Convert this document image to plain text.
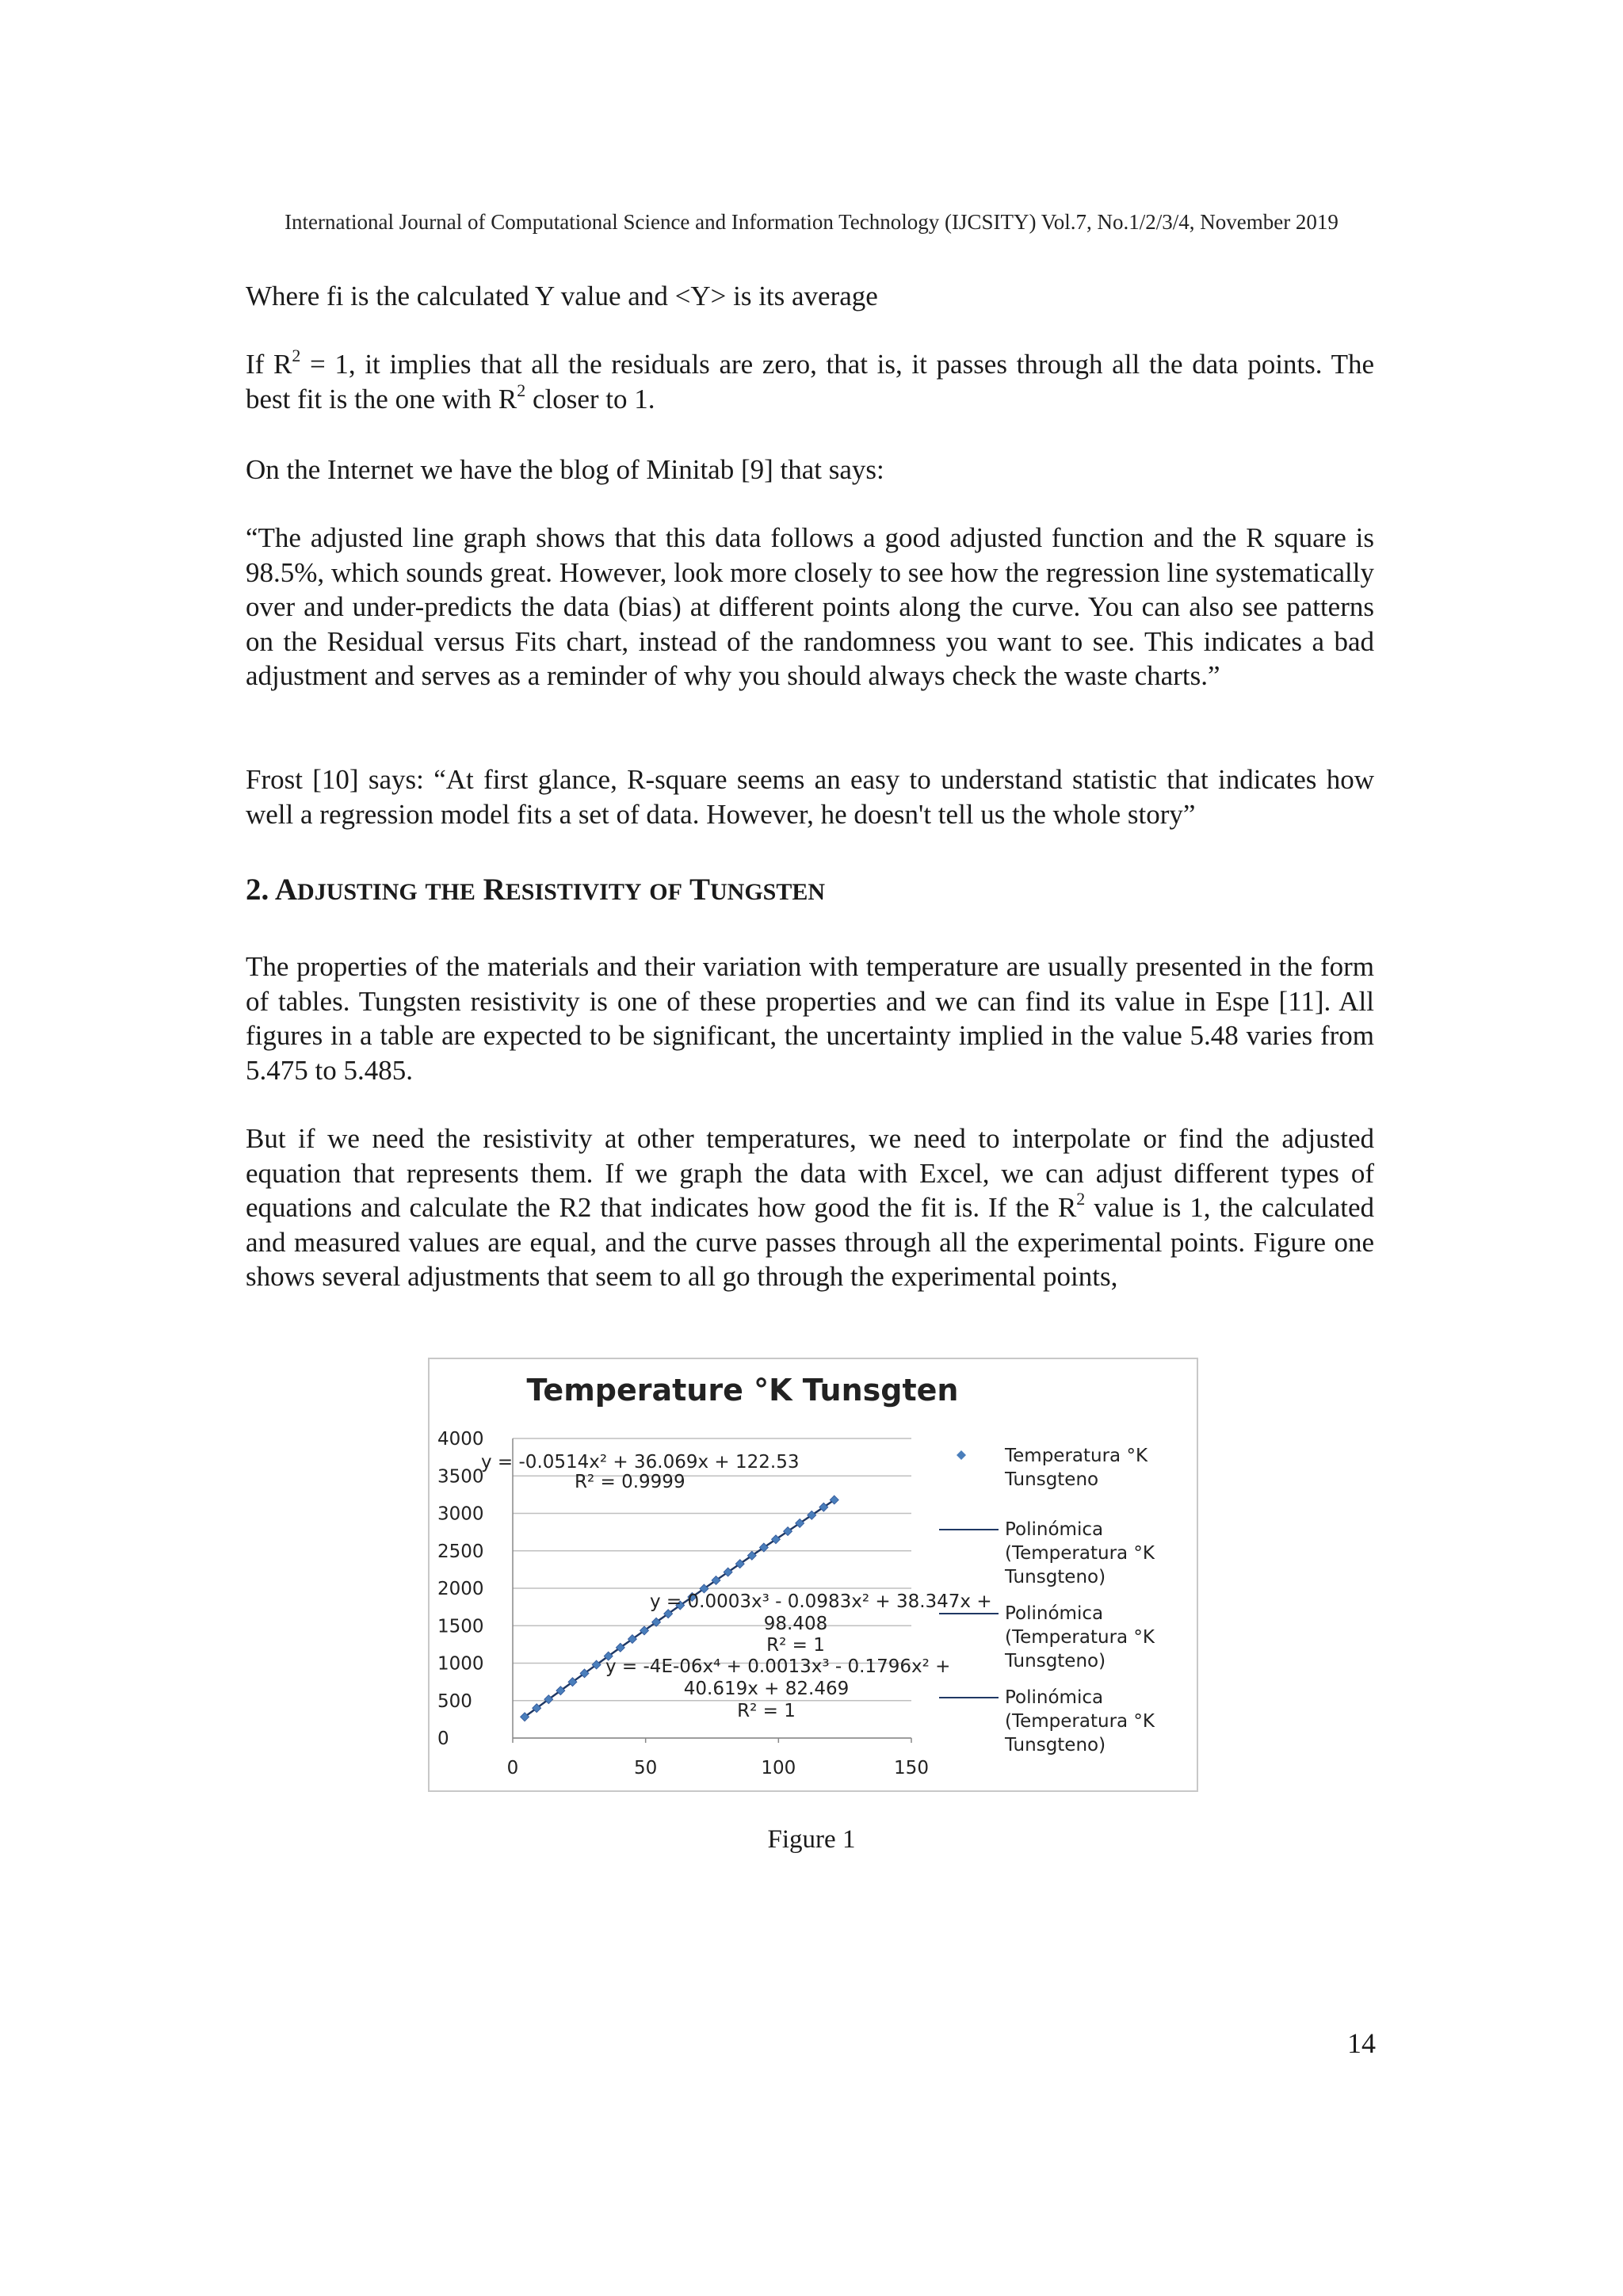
International Journal of Computational Science and Information Technology (IJCSITY) Vol.7, No.1/2/3/4, November 2019
Where fi is the calculated Y value and <Y> is its average
If $R^2 = 1$, it implies that all the residuals are zero, that is, it passes through all the data points. The best fit is the one with $R^2$ closer to 1.
On the Internet we have the blog of Minitab [9] that says:
“The adjusted line graph shows that this data follows a good adjusted function and the R square is 98.5%, which sounds great. However, look more closely to see how the regression line systematically over and under-predicts the data (bias) at different points along the curve. You can also see patterns on the Residual versus Fits chart, instead of the randomness you want to see. This indicates a bad adjustment and serves as a reminder of why you should always check the waste charts.”
Frost [10] says: “At first glance, R-square seems an easy to understand statistic that indicates how well a regression model fits a set of data. However, he doesn't tell us the whole story”
2. ADJUSTING THE RESISTIVITY OF TUNGSTEN
The properties of the materials and their variation with temperature are usually presented in the form of tables. Tungsten resistivity is one of these properties and we can find its value in Espe [11]. All figures in a table are expected to be significant, the uncertainty implied in the value 5.48 varies from 5.475 to 5.485.
But if we need the resistivity at other temperatures, we need to interpolate or find the adjusted equation that represents them. If we graph the data with Excel, we can adjust different types of equations and calculate the R2 that indicates how good the fit is. If the $R^2$ value is 1, the calculated and measured values are equal, and the curve passes through all the experimental points. Figure one shows several adjustments that seem to all go through the experimental points,
Temperature °K Tunsgten
0
500
1000
1500
2000
2500
3000
3500
4000
0	50	100	150
y = -0.0514x² + 36.069x + 122.53
R² = 0.9999
y = 0.0003x³ - 0.0983x² + 38.347x +
98.408
R² = 1
y = -4E-06x⁴ + 0.0013x³ - 0.1796x² +
40.619x + 82.469
R² = 1
Temperatura °K
Tunsgteno
Polinómica
(Temperatura °K
Tunsgteno)
Polinómica
(Temperatura °K
Tunsgteno)
Polinómica
(Temperatura °K
Tunsgteno)
Figure 1
14
